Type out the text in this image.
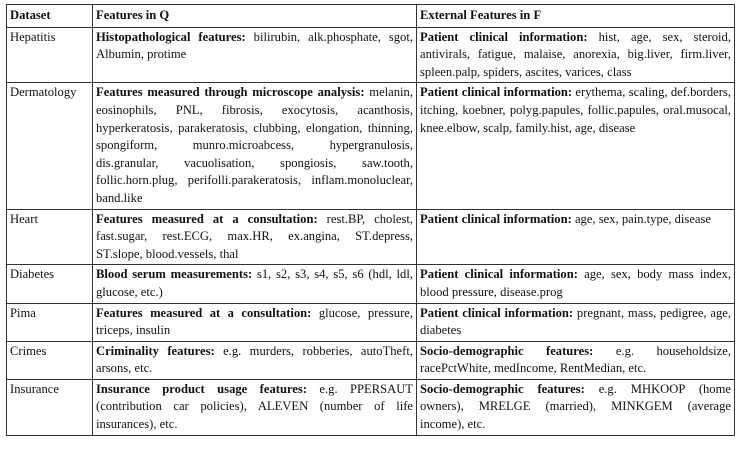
Dataset	Features in Q	External Features in F
Hepatitis	Histopathological features: bilirubin, alk.phosphate, sgot, Albumin, protime	Patient clinical information: hist, age, sex, steroid, antivirals, fatigue, malaise, anorexia, big.liver, firm.liver, spleen.palp, spiders, ascites, varices, class
Dermatology	Features measured through microscope analysis: melanin, eosinophils, PNL, fibrosis, exocytosis, acanthosis, hyperkeratosis, parakeratosis, clubbing, elongation, thinning, spongiform, munro.microabcess, hypergranulosis, dis.granular, vacuolisation, spongiosis, saw.tooth, follic.horn.plug, perifolli.parakeratosis, inflam.monoluclear, band.like	Patient clinical information: erythema, scaling, def.borders, itching, koebner, polyg.papules, follic.papules, oral.musocal, knee.elbow, scalp, family.hist, age, disease
Heart	Features measured at a consultation: rest.BP, cholest, fast.sugar, rest.ECG, max.HR, ex.angina, ST.depress, ST.slope, blood.vessels, thal	Patient clinical information: age, sex, pain.type, disease
Diabetes	Blood serum measurements: s1, s2, s3, s4, s5, s6 (hdl, ldl, glucose, etc.)	Patient clinical information: age, sex, body mass index, blood pressure, disease.prog
Pima	Features measured at a consultation: glucose, pressure, triceps, insulin	Patient clinical information: pregnant, mass, pedigree, age, diabetes
Crimes	Criminality features: e.g. murders, robberies, autoTheft, arsons, etc.	Socio-demographic features: e.g. householdsize, racePctWhite, medIncome, RentMedian, etc.
Insurance	Insurance product usage features: e.g. PPERSAUT (contribution car policies), ALEVEN (number of life insurances), etc.	Socio-demographic features: e.g. MHKOOP (home owners), MRELGE (married), MINKGEM (average income), etc.
